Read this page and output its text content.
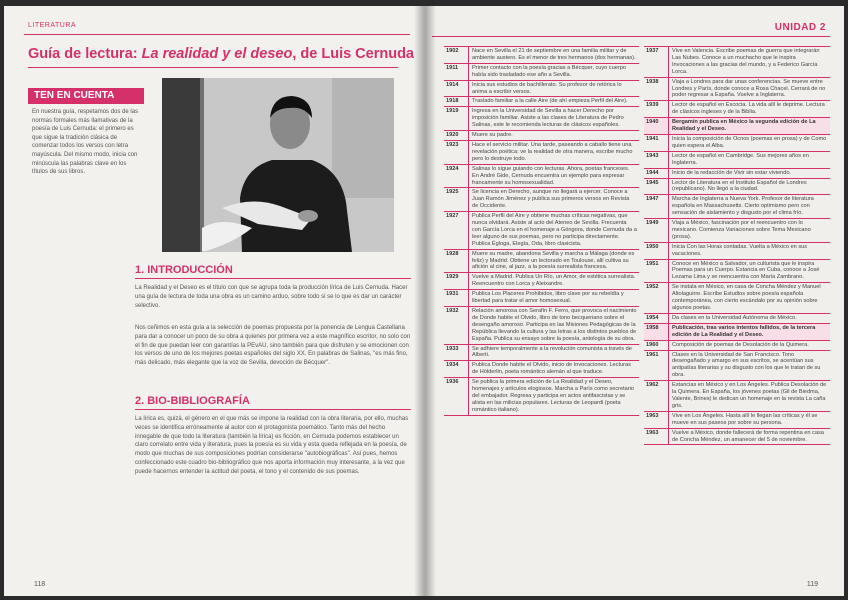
LITERATURA
Guía de lectura: La realidad y el deseo, de Luis Cernuda
TEN EN CUENTA
En nuestra guía, respetamos dos de las normas formales más llamativas de la poesía de Luis Cernuda: el primero es que sigue la tradición clásica de comenzar todos los versos con letra mayúscula. Del mismo modo, inicia con minúscula las palabras clave en los títulos de sus libros.
1. INTRODUCCIÓN
La Realidad y el Deseo es el título con que se agrupa toda la producción lírica de Luis Cernuda. Hacer una guía de lectura de toda una obra es un camino arduo, sobre todo si se lo que es dar un carácter selectivo.
Nos ceñimos en esta guía a la selección de poemas propuesta por la ponencia de Lengua Castellana para dar a conocer un poco de su obra a quienes por primera vez a este magnífico escritor, no solo con el fin de que puedan leer con garantías la PEvAU, sino también para que disfruten y se emocionen con los versos de uno de los mejores poetas españoles del siglo XX. En palabras de Salinas, "es más fino, más delicado, más elegante que la voz de Sevilla, devoción de Bécquer".
2. BIO-BIBLIOGRAFÍA
La lírica es, quizá, el género en el que más se impone la realidad con la obra literaria, por ello, muchas veces se identifica erróneamente al autor con el protagonista poemático. Tanto más del hecho innegable de que todo la literatura (también la lírica) es ficción, en Cernuda podemos establecer un claro correlato entre vida y literatura, pues la poesía es su vida y esta queda reflejada en la poesía, de modo que muchas de sus composiciones podrían considerarse "autobiográficas". Así pues, hemos confeccionado este cuadro bio-bibliográfico que nos aporta información muy interesante, a la vez que puede hacernos entender la actitud del poeta, el tono y el contenido de sus poemas.
118
UNIDAD 2
1902	Nace en Sevilla el 21 de septiembre en una familia militar y de ambiente austero. Es el menor de tres hermanos (dos hermanas).
1911	Primer contacto con la poesía gracias a Bécquer, cuyo cuerpo había sido trasladado ese año a Sevilla.
1914	Inicia sus estudios de bachillerato. Su profesor de retórica lo anima a escribir versos.
1918	Traslado familiar a la calle Aire (de ahí empieza Perfil del Aire).
1919	Ingresa en la Universidad de Sevilla a hacer Derecho por imposición familiar. Asiste a las clases de Literatura de Pedro Salinas, este le recomienda lecturas de clásicos españoles.
1920	Muere su padre.
1923	Hace el servicio militar. Una tarde, paseando a caballo tiene una revelación poética: ve la realidad de otra manera, escribe mucho pero lo destruye todo.
1924	Salinas lo sigue guiando con lecturas. Ahora, poetas franceses. En André Gide, Cernuda encuentra un ejemplo para expresar francamente su homosexualidad.
1925	Se licencia en Derecho, aunque no llegará a ejercer. Conoce a Juan Ramón Jiménez y publica sus primeros versos en Revista de Occidente.
1927	Publica Perfil del Aire y obtiene muchas críticas negativas, que nunca olvidará. Asiste al acto del Ateneo de Sevilla. Frecuenta con García Lorca en el homenaje a Góngora, donde Cernuda da a leer alguno de sus poemas, pero no participa directamente. Publica Égloga, Elegía, Oda, libro clasicista.
1928	Muere su madre, abandona Sevilla y marcha a Málaga (donde es feliz) y Madrid. Obtiene un lectorado en Toulouse, allí cultiva su afición al cine, al jazz, a la poesía surrealista francesa.
1929	Vuelve a Madrid. Publica Un Río, un Amor, de estética surrealista. Reencuentro con Lorca y Aleixandre.
1931	Publica Los Placeres Prohibidos, libro clave por su rebeldía y libertad para tratar el amor homosexual.
1932	Relación amorosa con Serafín F. Ferro, que provoca el nacimiento de Donde habite el Olvido, libro de tono becqueriano sobre el desengaño amoroso. Participa en las Misiones Pedagógicas de la República llevando la cultura y las letras a los distintos pueblos de España. Publica su ensayo sobre la poesía, antología de su obra.
1933	Se adhiere temporalmente a la revolución comunista a través de Alberti.
1934	Publica Donde habite el Olvido, inicio de Invocaciones. Lecturas de Hölderlin, poeta romántico alemán al que traduce.
1936	Se publica la primera edición de La Realidad y el Deseo, homenajes y artículos elogiosos. Marcha a París como secretario del embajador. Regresa y participa en actos antifascistas y se alista en las milicias populares. Lecturas de Leopardi (poeta romántico italiano).
1937	Vive en Valencia. Escribe poemas de guerra que integrarán Las Nubes. Conoce a un muchacho que le inspira Invocaciones a las gracias del mundo, y a Federico García Lorca.
1938	Viaja a Londres para dar unas conferencias. Se mueve entre Londres y París, donde conoce a Rosa Chacel. Cerrará de no poder regresar a España. Vuelve a Inglaterra.
1939	Lector de español en Escocia. La vida allí le deprime. Lectura de clásicos ingleses y de la Biblia.
1940	Bergamín publica en México la segunda edición de La Realidad y el Deseo.
1941	Inicia la composición de Ocnos (poemas en prosa) y de Como quien espera el Alba.
1943	Lector de español en Cambridge. Sus mejores años en Inglaterra.
1944	Inicio de la redacción de Vivir sin estar viviendo.
1945	Lector de Literatura en el Instituto Español de Londres (republicano). No llegó a la ciudad.
1947	Marcha de Inglaterra a Nueva York. Profesor de literatura española en Massachusetts. Cierto optimismo pero con sensación de aislamiento y disgusto por el clima frío.
1949	Viaja a México, fascinación por el reencuentro con lo mexicano. Comienza Variaciones sobre Tema Mexicano (prosa).
1950	Inicia Con las Horas contadas. Vuelta a México en sus vacaciones.
1951	Conoce en México a Salvador, un culturista que le inspira Poemas para un Cuerpo. Estancia en Cuba, conoce a José Lezama Lima y se reencuentra con María Zambrano.
1952	Se instala en México, en casa de Concha Méndez y Manuel Altolaguirre. Escribe Estudios sobre poesía española contemporánea, con cierto escándalo por su opinión sobre algunos poetas.
1954	Da clases en la Universidad Autónoma de México.
1958	Publicación, tras varios intentos fallidos, de la tercera edición de La Realidad y el Deseo.
1960	Composición de poemas de Desolación de la Quimera.
1961	Clases en la Universidad de San Francisco. Tono desengañado y amargo en sus escritos, se acentúan sus antipatías literarias y su disgusto con los que le tratan de su obra.
1962	Estancias en México y en Los Ángeles. Publica Desolación de la Quimera. En España, los jóvenes poetas (Gil de Biedma, Valente, Brines) le dedican un homenaje en la revista La caña gris.
1963	Vive en Los Ángeles. Hasta allí le llegan las críticas y él se mueve en sus paseos por sobre su persona.
1963	Vuelve a México, donde fallecerá de forma repentina en casa de Concha Méndez, un amanecer del 5 de noviembre.
119
